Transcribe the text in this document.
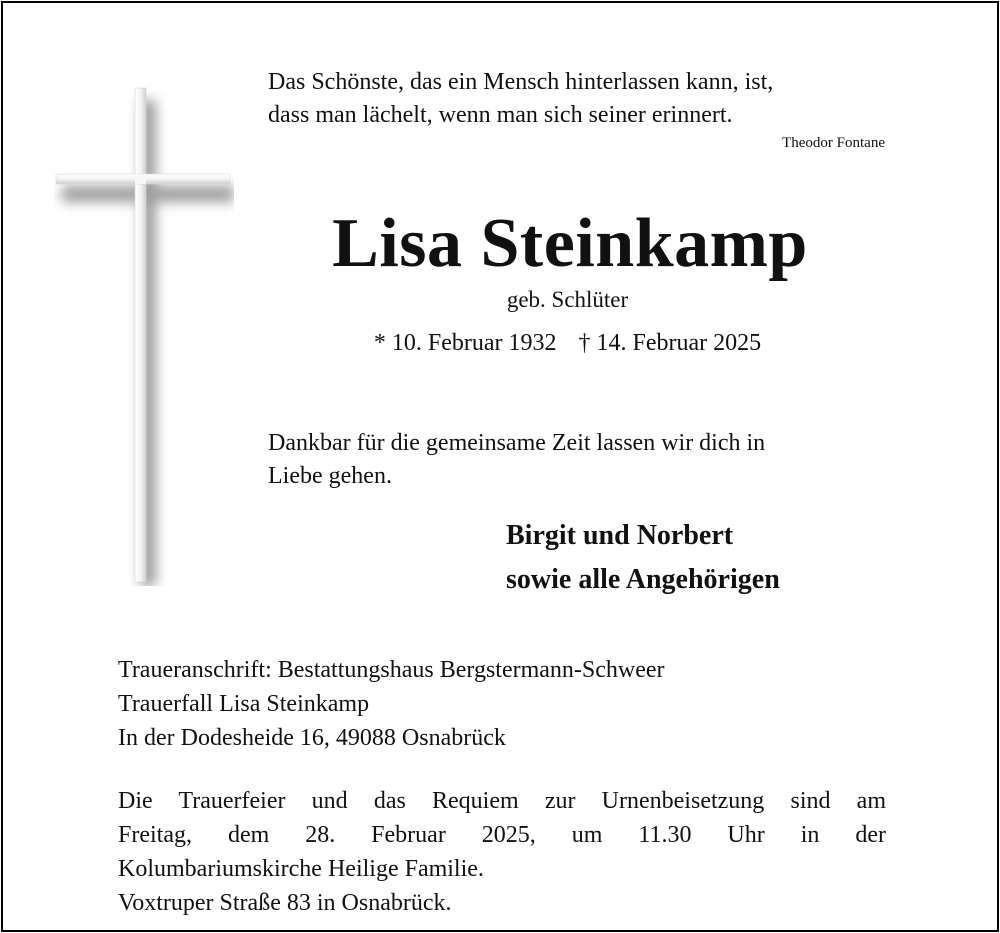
Das Schönste, das ein Mensch hinterlassen kann, ist,
dass man lächelt, wenn man sich seiner erinnert.
Theodor Fontane
Lisa Steinkamp
geb. Schlüter
* 10. Februar 1932 † 14. Februar 2025
Dankbar für die gemeinsame Zeit lassen wir dich in
Liebe gehen.
Birgit und Norbert
sowie alle Angehörigen
Traueranschrift: Bestattungshaus Bergstermann-Schweer
Trauerfall Lisa Steinkamp
In der Dodesheide 16, 49088 Osnabrück
Die Trauerfeier und das Requiem zur Urnenbeisetzung sind am
Freitag, dem 28. Februar 2025, um 11.30 Uhr in der
Kolumbariumskirche Heilige Familie.
Voxtruper Straße 83 in Osnabrück.
